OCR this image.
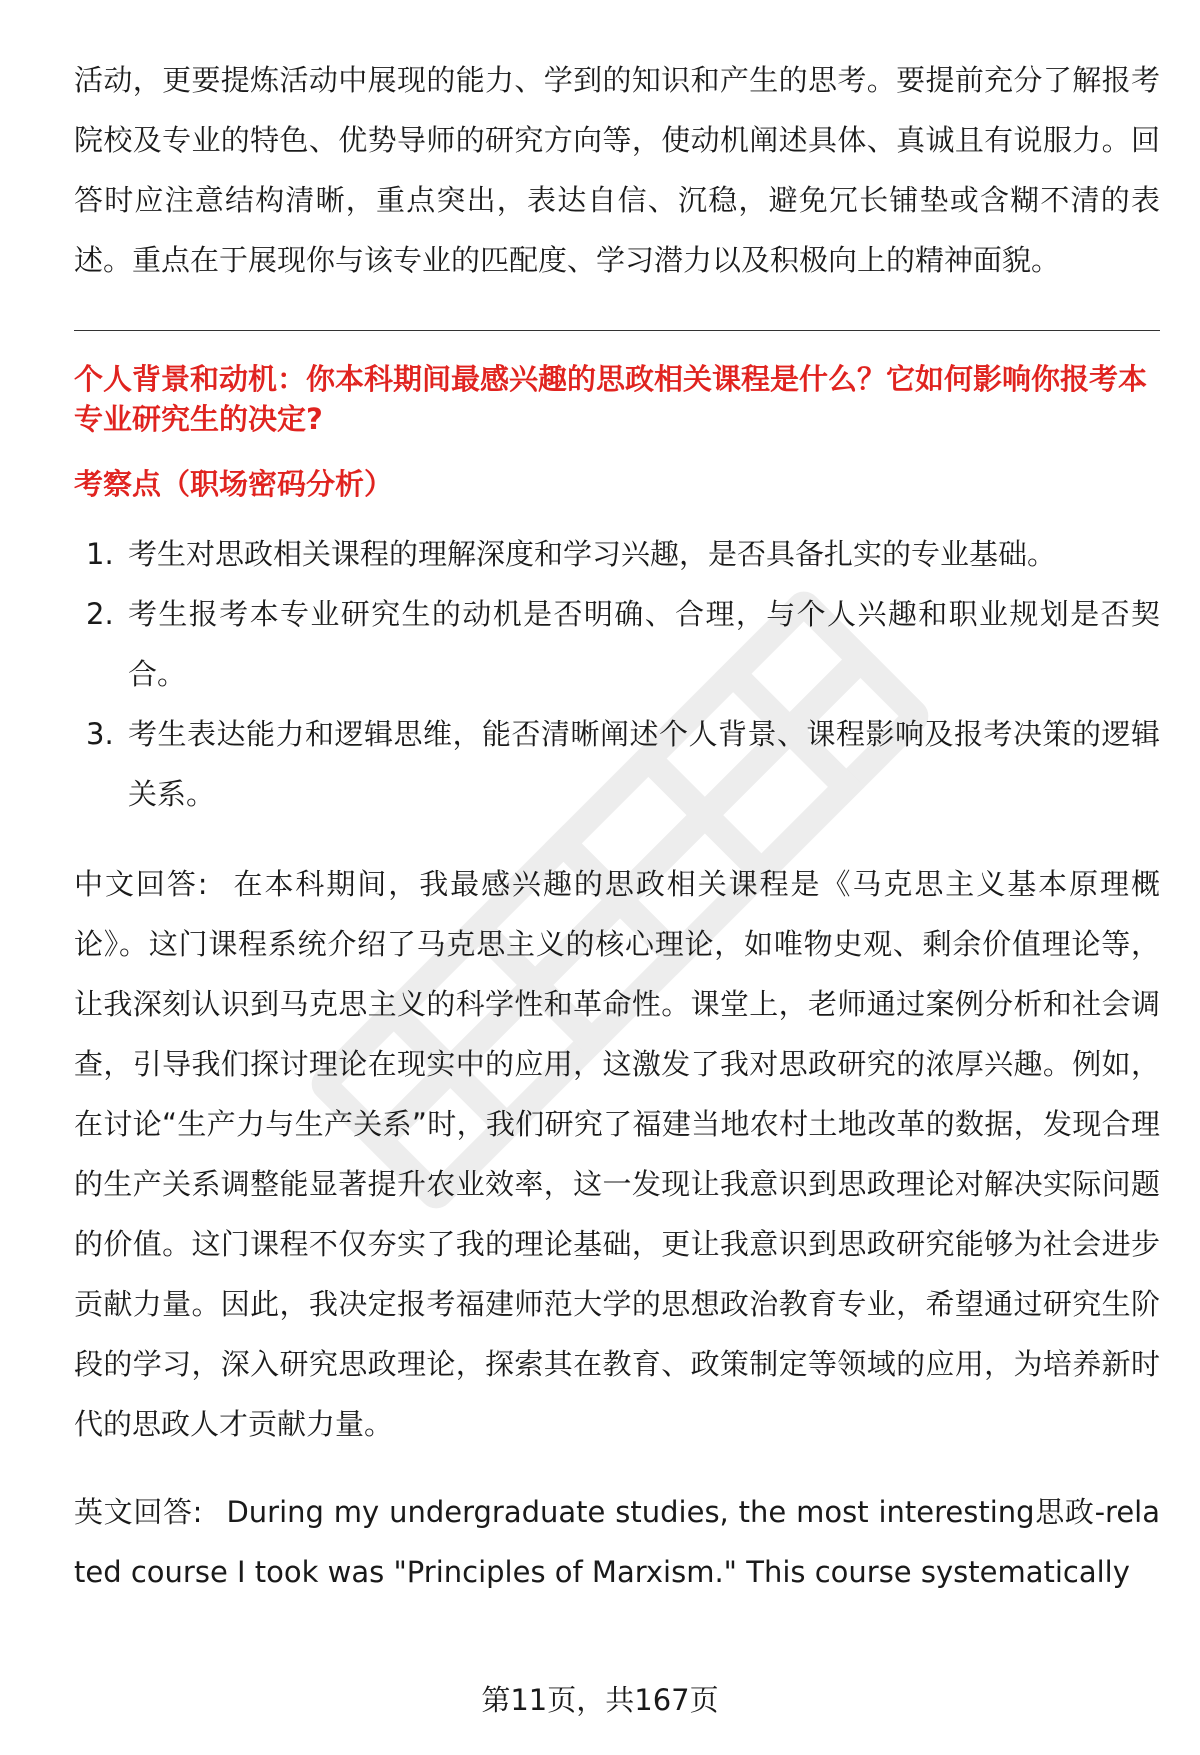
活动，更要提炼活动中展现的能力、学到的知识和产生的思考。要提前充分了解报考院校及专业的特色、优势导师的研究方向等，使动机阐述具体、真诚且有说服力。回答时应注意结构清晰，重点突出，表达自信、沉稳，避免冗长铺垫或含糊不清的表述。重点在于展现你与该专业的匹配度、学习潜力以及积极向上的精神面貌。

个人背景和动机：你本科期间最感兴趣的思政相关课程是什么？它如何影响你报考本专业研究生的决定?

考察点（职场密码分析）

1. 考生对思政相关课程的理解深度和学习兴趣，是否具备扎实的专业基础。
2. 考生报考本专业研究生的动机是否明确、合理，与个人兴趣和职业规划是否契合。
3. 考生表达能力和逻辑思维，能否清晰阐述个人背景、课程影响及报考决策的逻辑关系。

中文回答: 在本科期间，我最感兴趣的思政相关课程是《马克思主义基本原理概论》。这门课程系统介绍了马克思主义的核心理论，如唯物史观、剩余价值理论等，让我深刻认识到马克思主义的科学性和革命性。课堂上，老师通过案例分析和社会调查，引导我们探讨理论在现实中的应用，这激发了我对思政研究的浓厚兴趣。例如，在讨论“生产力与生产关系”时，我们研究了福建当地农村土地改革的数据，发现合理的生产关系调整能显著提升农业效率，这一发现让我意识到思政理论对解决实际问题的价值。这门课程不仅夯实了我的理论基础，更让我意识到思政研究能够为社会进步贡献力量。因此，我决定报考福建师范大学的思想政治教育专业，希望通过研究生阶段的学习，深入研究思政理论，探索其在教育、政策制定等领域的应用，为培养新时代的思政人才贡献力量。

英文回答: During my undergraduate studies, the most interesting思政-related course I took was "Principles of Marxism." This course systematically

第11页，共167页
